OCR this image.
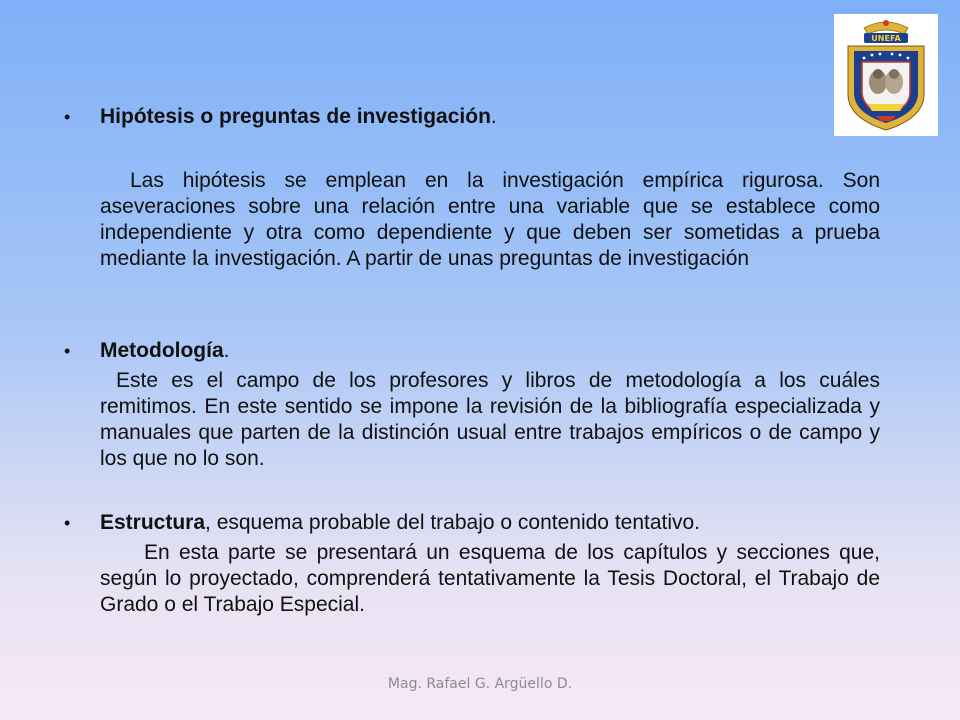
UNEFA
• Hipótesis o preguntas de investigación.
Las hipótesis se emplean en la investigación empírica rigurosa. Son aseveraciones sobre una relación entre una variable que se establece como independiente y otra como dependiente y que deben ser sometidas a prueba mediante la investigación. A partir de unas preguntas de investigación
• Metodología.
Este es el campo de los profesores y libros de metodología a los cuáles remitimos. En este sentido se impone la revisión de la bibliografía especializada y manuales que parten de la distinción usual entre trabajos empíricos o de campo y los que no lo son.
• Estructura, esquema probable del trabajo o contenido tentativo.
En esta parte se presentará un esquema de los capítulos y secciones que, según lo proyectado, comprenderá tentativamente la Tesis Doctoral, el Trabajo de Grado o el Trabajo Especial.
Mag. Rafael G. Argüello D.
